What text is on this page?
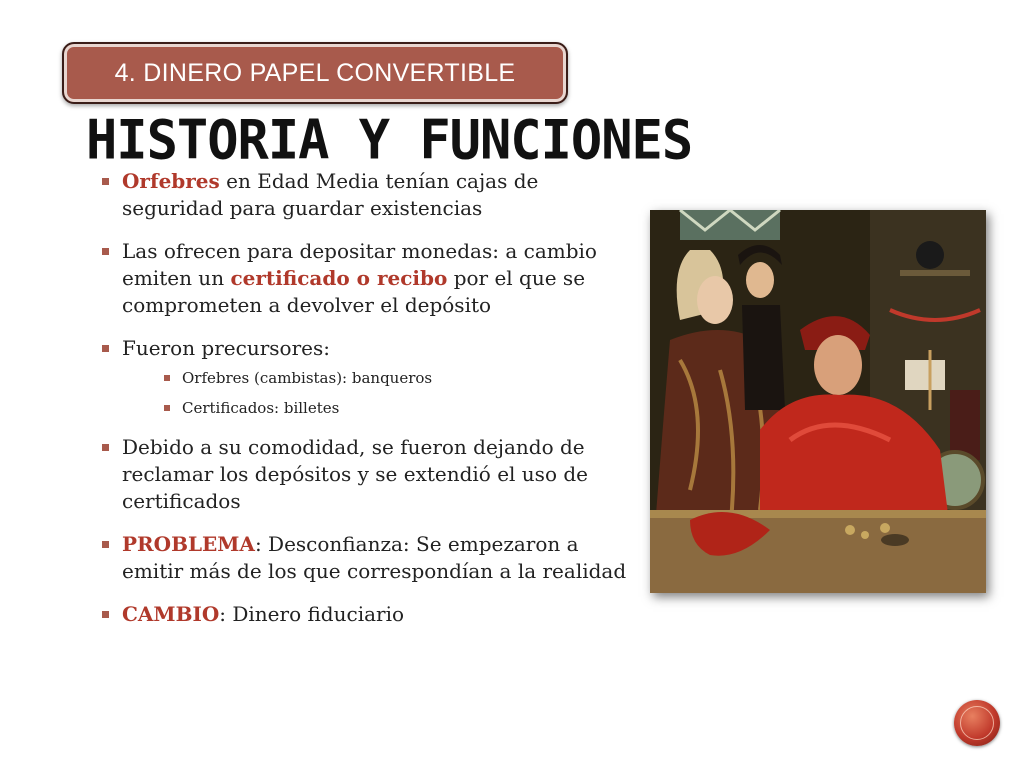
4. DINERO PAPEL CONVERTIBLE
HISTORIA Y FUNCIONES
Orfebres en Edad Media tenían cajas de seguridad para guardar existencias
Las ofrecen para depositar monedas: a cambio emiten un certificado o recibo por el que se comprometen a devolver el depósito
Fueron precursores:
Orfebres (cambistas): banqueros
Certificados: billetes
Debido a su comodidad, se fueron dejando de reclamar los depósitos y se extendió el uso de certificados
PROBLEMA: Desconfianza: Se empezaron a emitir más de los que correspondían a la realidad
CAMBIO: Dinero fiduciario
